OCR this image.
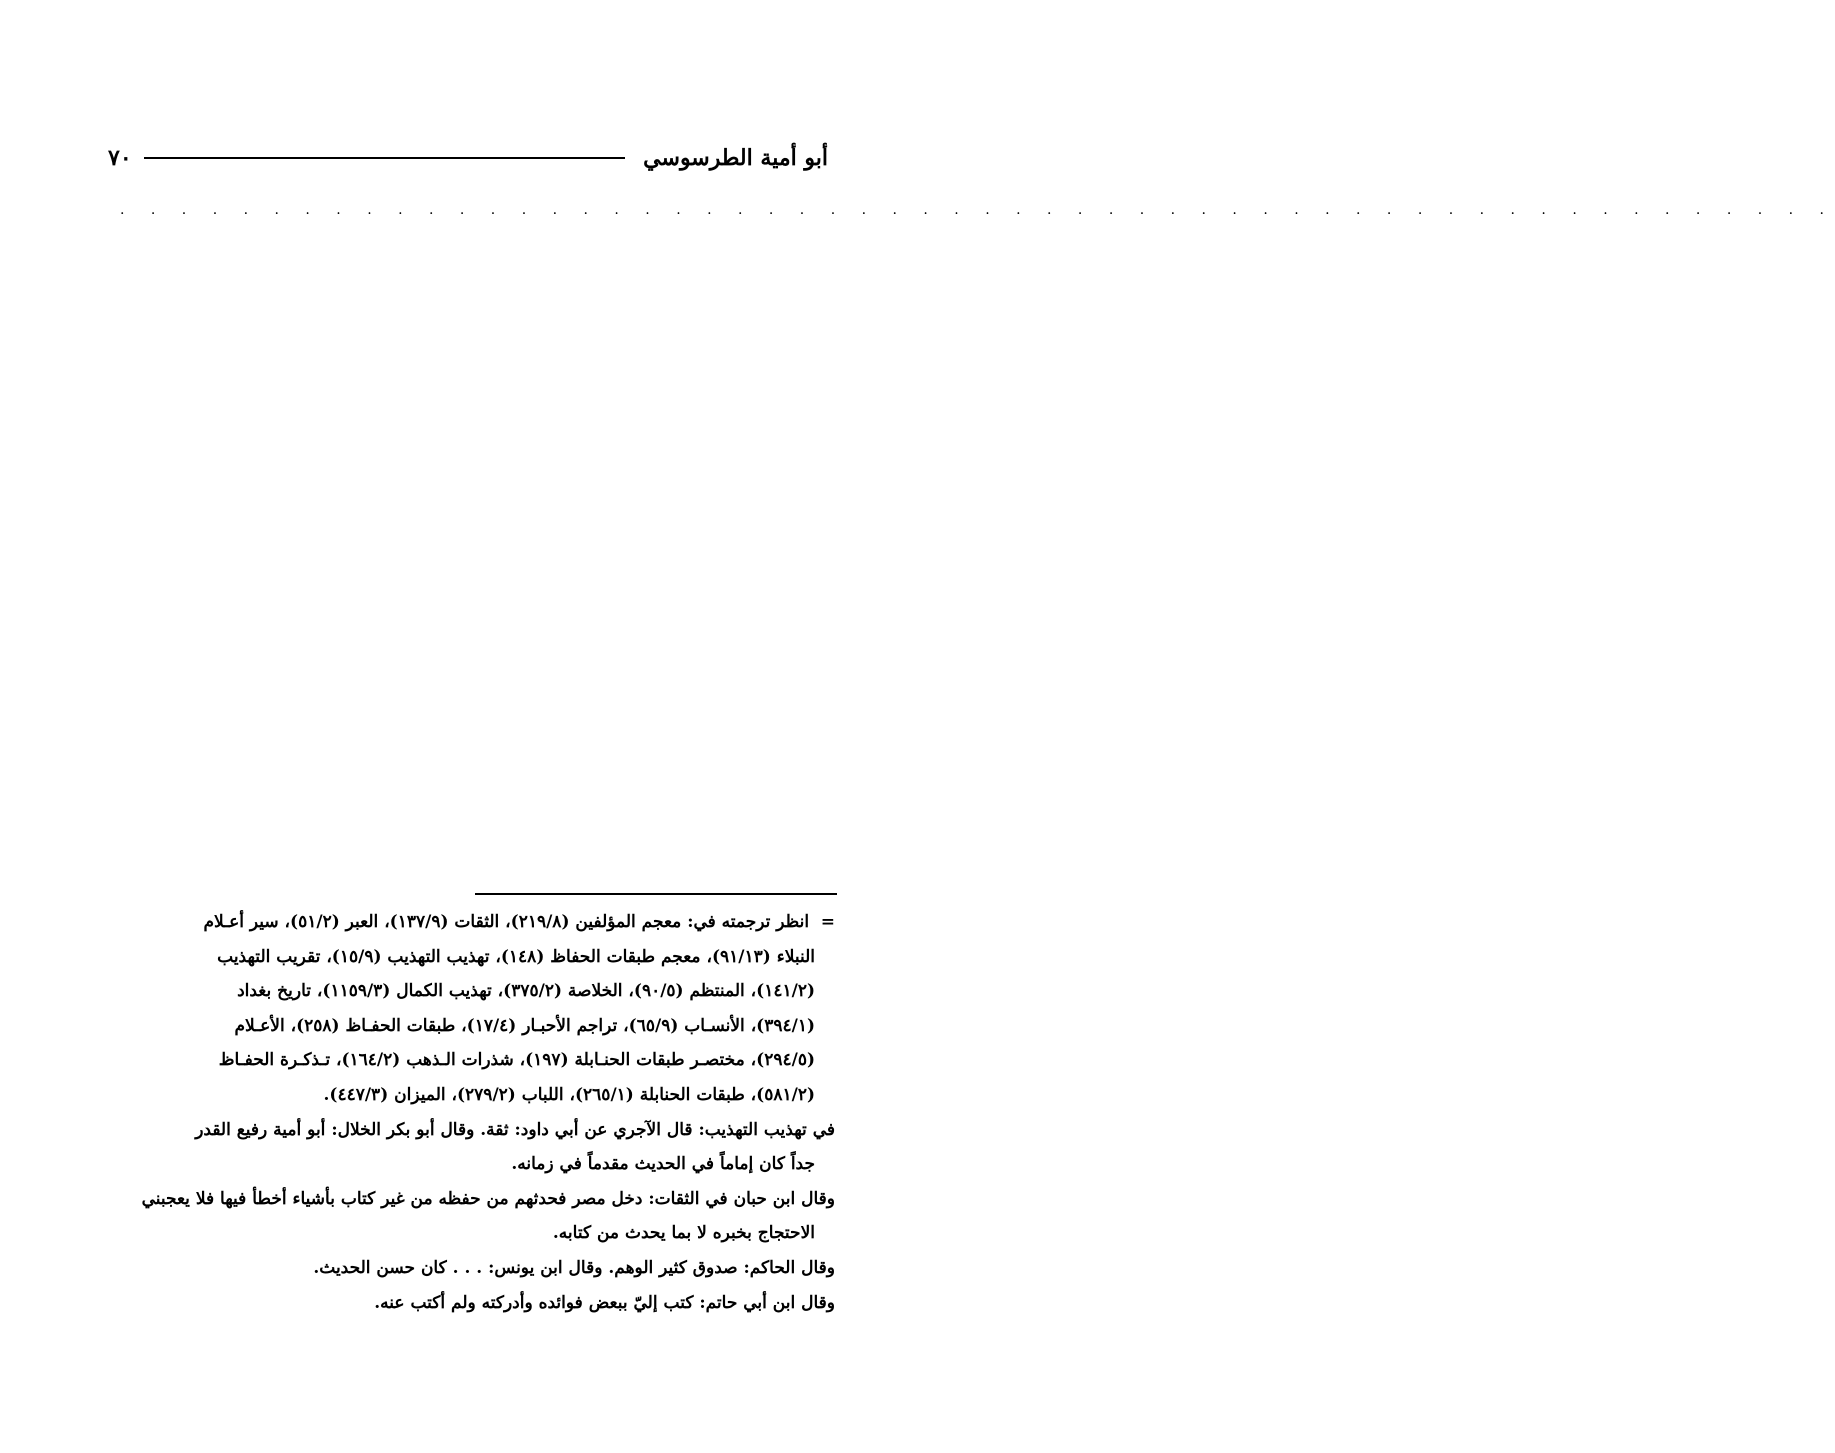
أبو أمية الطرسوسي
٧٠
. . . . . . . . . . . . . . . . . . . . . . . . . . . . . . . . . . . . . . . . . . . . . . . . . . . . . . . .
= انظر ترجمته في: معجم المؤلفين (٢١٩/٨)، الثقات (١٣٧/٩)، العبر (٥١/٢)، سير أعـلام
النبلاء (٩١/١٣)، معجم طبقات الحفاظ (١٤٨)، تهذيب التهذيب (١٥/٩)، تقريب التهذيب
(١٤١/٢)، المنتظم (٩٠/٥)، الخلاصة (٣٧٥/٢)، تهذيب الكمال (١١٥٩/٣)، تاريخ بغداد
(٣٩٤/١)، الأنسـاب (٦٥/٩)، تراجم الأحبـار (١٧/٤)، طبقات الحفـاظ (٢٥٨)، الأعـلام
(٢٩٤/٥)، مختصـر طبقات الحنـابلة (١٩٧)، شذرات الـذهب (١٦٤/٢)، تـذكـرة الحفـاظ
(٥٨١/٢)، طبقات الحنابلة (٢٦٥/١)، اللباب (٢٧٩/٢)، الميزان (٤٤٧/٣).
في تهذيب التهذيب: قال الآجري عن أبي داود: ثقة. وقال أبو بكر الخلال: أبو أمية رفيع القدر
جداً كان إماماً في الحديث مقدماً في زمانه.
وقال ابن حبان في الثقات: دخل مصر فحدثهم من حفظه من غير كتاب بأشياء أخطأ فيها فلا يعجبني
الاحتجاج بخبره لا بما يحدث من كتابه.
وقال الحاكم: صدوق كثير الوهم. وقال ابن يونس: . . . كان حسن الحديث.
وقال ابن أبي حاتم: كتب إليّ ببعض فوائده وأدركته ولم أكتب عنه.
